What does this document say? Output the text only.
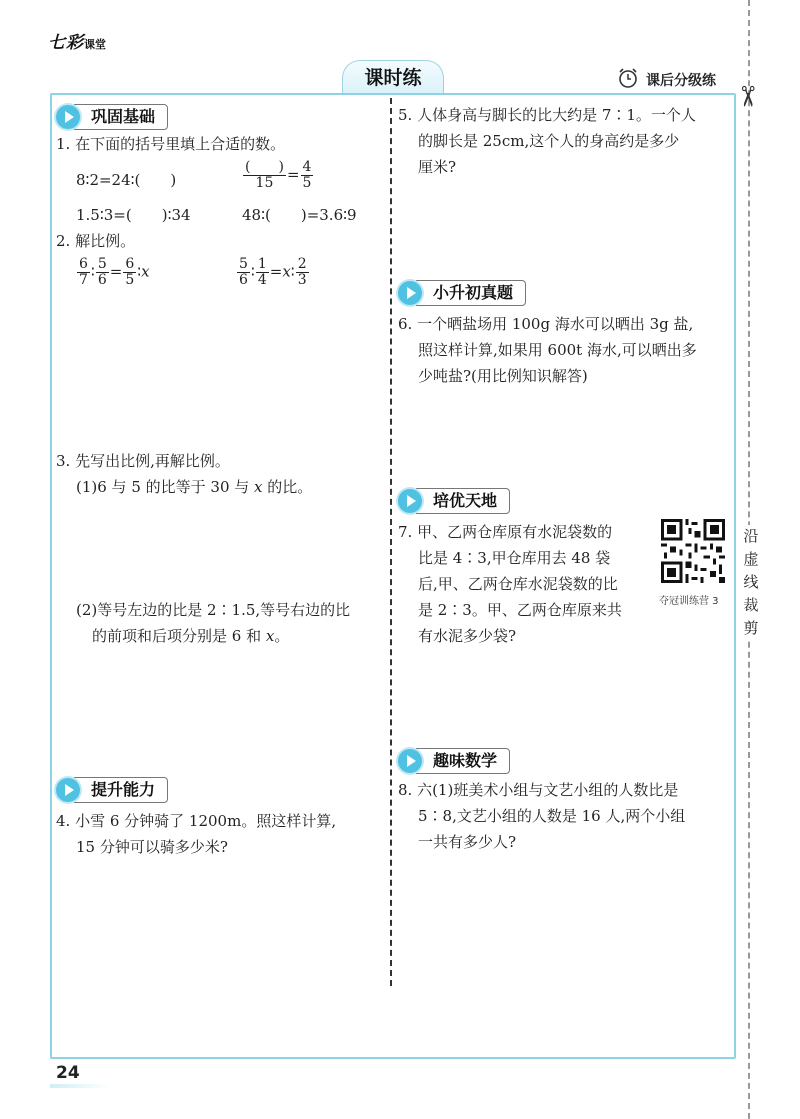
七彩课堂
课时练	课后分级练
✂
沿虚线裁剪
巩固基础
1. 在下面的括号里填上合适的数。
8∶2=24∶(　　)	$\frac{( )}{15} = \frac{4}{5}$
1.5∶3=(　　)∶34	48∶(　　)=3.6∶9
2. 解比例。
$\frac{6}{7}$ ∶ $\frac{5}{6} = \frac{6}{5}$ ∶x	$\frac{5}{6}$ ∶ $\frac{1}{4}$ =x∶ $\frac{2}{3}$
3. 先写出比例,再解比例。
(1)6 与 5 的比等于 30 与 x 的比。
(2)等号左边的比是 2∶1.5,等号右边的比
的前项和后项分别是 6 和 x。
提升能力
4. 小雪 6 分钟骑了 1200m。照这样计算,
15 分钟可以骑多少米?
5. 人体身高与脚长的比大约是 7∶1。一个人
的脚长是 25cm,这个人的身高约是多少
厘米?
小升初真题
6. 一个晒盐场用 100g 海水可以晒出 3g 盐,
照这样计算,如果用 600t 海水,可以晒出多
少吨盐?(用比例知识解答)
培优天地
7. 甲、乙两仓库原有水泥袋数的
比是 4∶3,甲仓库用去 48 袋
后,甲、乙两仓库水泥袋数的比
是 2∶3。甲、乙两仓库原来共
有水泥多少袋?
夺冠训练营 3
趣味数学
8. 六(1)班美术小组与文艺小组的人数比是
5∶8,文艺小组的人数是 16 人,两个小组
一共有多少人?
24
